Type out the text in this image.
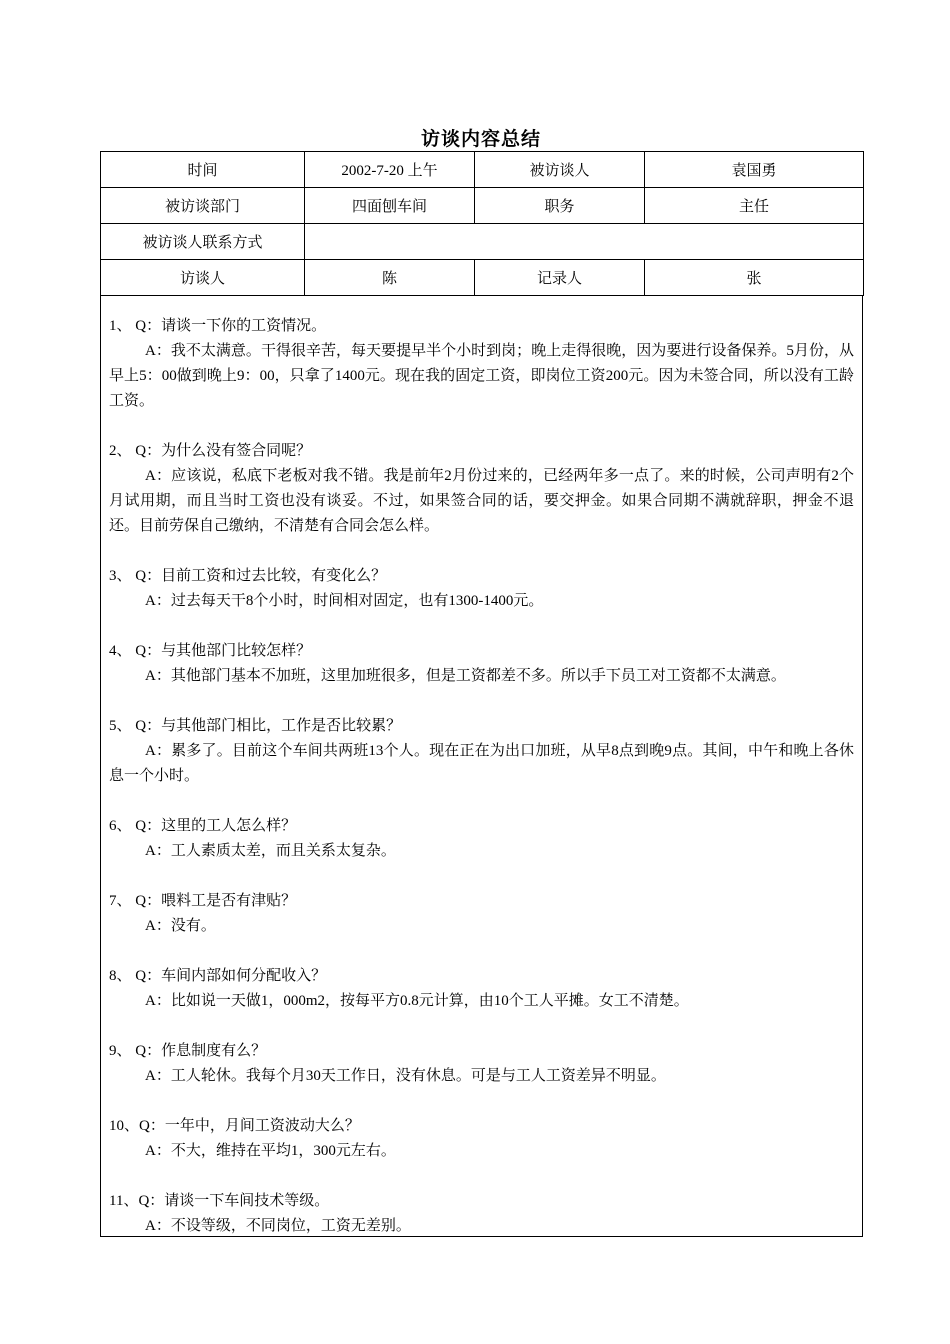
访谈内容总结
时间	2002-7-20 上午	被访谈人	袁国勇
被访谈部门	四面刨车间	职务	主任
被访谈人联系方式			
访谈人	陈	记录人	张
1、 Q：请谈一下你的工资情况。
A：我不太满意。干得很辛苦，每天要提早半个小时到岗；晚上走得很晚，因为要进行设备保养。5月份，从早上5：00做到晚上9：00，只拿了1400元。现在我的固定工资，即岗位工资200元。因为未签合同，所以没有工龄工资。
2、 Q：为什么没有签合同呢？
A：应该说，私底下老板对我不错。我是前年2月份过来的，已经两年多一点了。来的时候，公司声明有2个月试用期，而且当时工资也没有谈妥。不过，如果签合同的话，要交押金。如果合同期不满就辞职，押金不退还。目前劳保自己缴纳，不清楚有合同会怎么样。
3、 Q：目前工资和过去比较，有变化么？
A：过去每天干8个小时，时间相对固定，也有1300-1400元。
4、 Q：与其他部门比较怎样？
A：其他部门基本不加班，这里加班很多，但是工资都差不多。所以手下员工对工资都不太满意。
5、 Q：与其他部门相比，工作是否比较累？
A：累多了。目前这个车间共两班13个人。现在正在为出口加班，从早8点到晚9点。其间，中午和晚上各休息一个小时。
6、 Q：这里的工人怎么样？
A：工人素质太差，而且关系太复杂。
7、 Q：喂料工是否有津贴？
A：没有。
8、 Q：车间内部如何分配收入？
A：比如说一天做1，000m2，按每平方0.8元计算，由10个工人平摊。女工不清楚。
9、 Q：作息制度有么？
A：工人轮休。我每个月30天工作日，没有休息。可是与工人工资差异不明显。
10、Q：一年中，月间工资波动大么？
A：不大，维持在平均1，300元左右。
11、Q：请谈一下车间技术等级。
A：不设等级，不同岗位，工资无差别。
